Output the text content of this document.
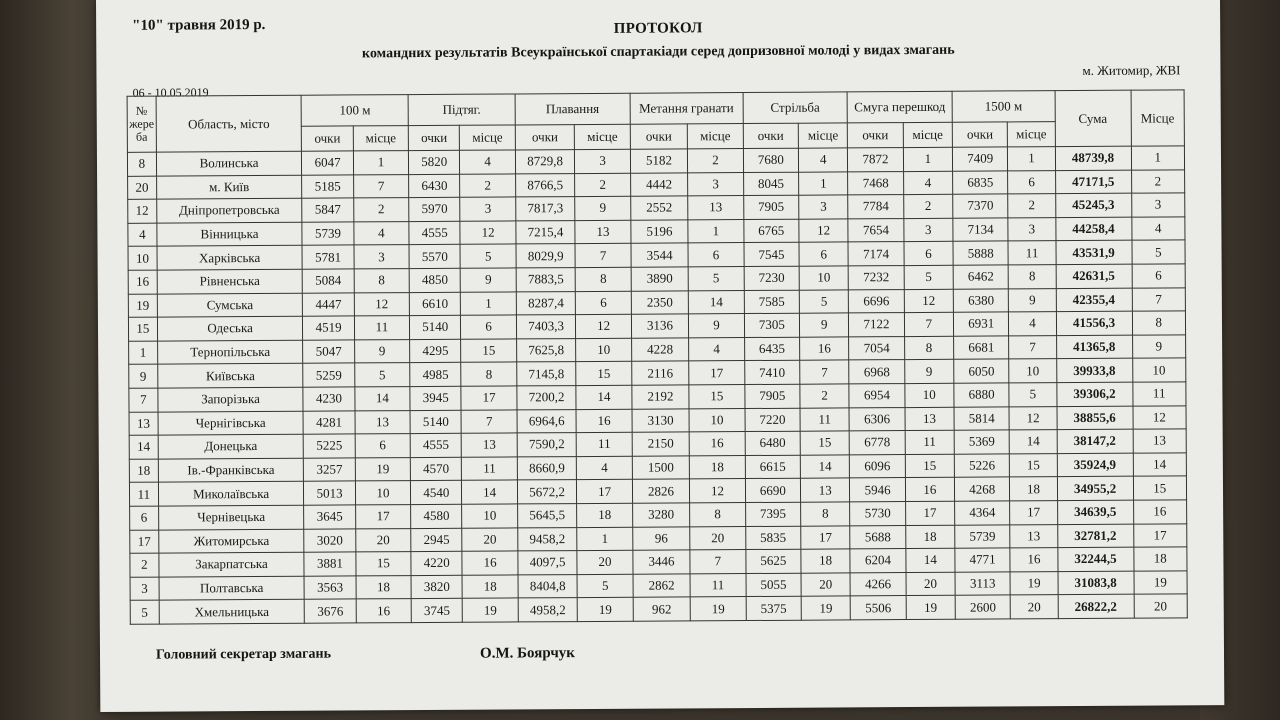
"10" травня 2019 р.	ПРОТОКОЛ
командних результатів Всеукраїнської спартакіади серед допризовної молоді у видах змагань
м. Житомир, ЖВІ
06 - 10.05.2019
№ жере ба	Область, місто	100 м		Підтяг.		Плавання		Метання гранати		Стрільба		Смуга перешкод		1500 м		Сума	Місце
		очки	місце	очки	місце	очки	місце	очки	місце	очки	місце	очки	місце	очки	місце		
8	Волинська	6047	1	5820	4	8729,8	3	5182	2	7680	4	7872	1	7409	1	48739,8	1
20	м. Київ	5185	7	6430	2	8766,5	2	4442	3	8045	1	7468	4	6835	6	47171,5	2
12	Дніпропетровська	5847	2	5970	3	7817,3	9	2552	13	7905	3	7784	2	7370	2	45245,3	3
4	Вінницька	5739	4	4555	12	7215,4	13	5196	1	6765	12	7654	3	7134	3	44258,4	4
10	Харківська	5781	3	5570	5	8029,9	7	3544	6	7545	6	7174	6	5888	11	43531,9	5
16	Рівненська	5084	8	4850	9	7883,5	8	3890	5	7230	10	7232	5	6462	8	42631,5	6
19	Сумська	4447	12	6610	1	8287,4	6	2350	14	7585	5	6696	12	6380	9	42355,4	7
15	Одеська	4519	11	5140	6	7403,3	12	3136	9	7305	9	7122	7	6931	4	41556,3	8
1	Тернопільська	5047	9	4295	15	7625,8	10	4228	4	6435	16	7054	8	6681	7	41365,8	9
9	Київська	5259	5	4985	8	7145,8	15	2116	17	7410	7	6968	9	6050	10	39933,8	10
7	Запорізька	4230	14	3945	17	7200,2	14	2192	15	7905	2	6954	10	6880	5	39306,2	11
13	Чернігівська	4281	13	5140	7	6964,6	16	3130	10	7220	11	6306	13	5814	12	38855,6	12
14	Донецька	5225	6	4555	13	7590,2	11	2150	16	6480	15	6778	11	5369	14	38147,2	13
18	Ів.-Франківська	3257	19	4570	11	8660,9	4	1500	18	6615	14	6096	15	5226	15	35924,9	14
11	Миколаївська	5013	10	4540	14	5672,2	17	2826	12	6690	13	5946	16	4268	18	34955,2	15
6	Чернівецька	3645	17	4580	10	5645,5	18	3280	8	7395	8	5730	17	4364	17	34639,5	16
17	Житомирська	3020	20	2945	20	9458,2	1	96	20	5835	17	5688	18	5739	13	32781,2	17
2	Закарпатська	3881	15	4220	16	4097,5	20	3446	7	5625	18	6204	14	4771	16	32244,5	18
3	Полтавська	3563	18	3820	18	8404,8	5	2862	11	5055	20	4266	20	3113	19	31083,8	19
5	Хмельницька	3676	16	3745	19	4958,2	19	962	19	5375	19	5506	19	2600	20	26822,2	20
Головний секретар змагань	О.М. Боярчук
